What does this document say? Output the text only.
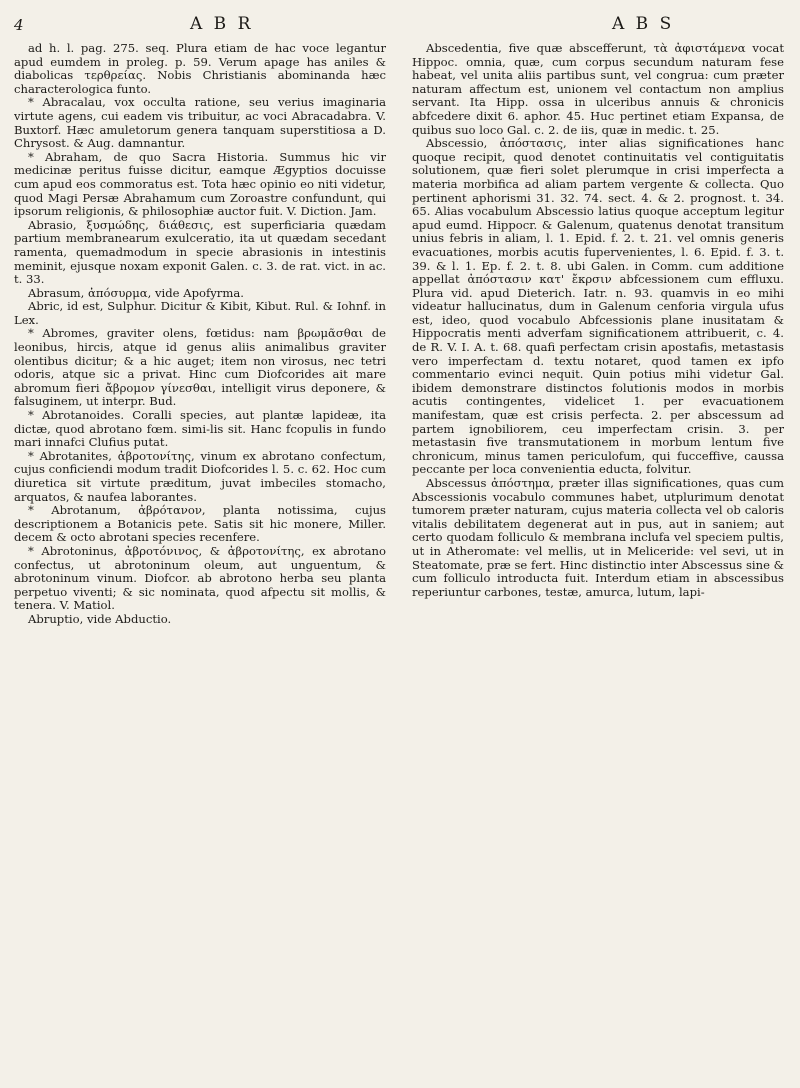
4	A B R	A B S

ad h. l. pag. 275. seq. Plura etiam de hac voce legantur apud eumdem in proleg. p. 59. Verum apage has aniles & diabolicas τερθρείας. Nobis Christianis abominanda hæc characterologica funto.

* Abracalau, vox occulta ratione, seu verius imaginaria virtute agens, cui eadem vis tribuitur, ac voci Abracadabra. V. Buxtorf. Hæc amuletorum genera tanquam superstitiosa a D. Chrysost. & Aug. damnantur.

* Abraham, de quo Sacra Historia. Summus hic vir medicinæ peritus fuisse dicitur, eamque Ægyptios docuisse cum apud eos commoratus est. Tota hæc opinio eo niti videtur, quod Magi Persæ Abrahamum cum Zoroastre confundunt, qui ipsorum religionis, & philosophiæ auctor fuit. V. Diction. Jam.

Abrasio, ξυσμώδης, διάθεσις, est superficiaria quædam partium membranearum exulceratio, ita ut quædam secedant ramenta, quemadmodum in specie abrasionis in intestinis meminit, ejusque noxam exponit Galen. c. 3. de rat. vict. in ac. t. 33.

Abrasum, ἀπόσυρμα, vide Apofyrma.

Abric, id est, Sulphur. Dicitur & Kibit, Kibut. Rul. & Iohnf. in Lex.

* Abromes, graviter olens, fœtidus: nam βρωμᾶσθαι de leonibus, hircis, atque id genus aliis animalibus graviter olentibus dicitur; & a hic auget; item non virosus, nec tetri odoris, atque sic a privat. Hinc cum Diofcorides ait mare abromum fieri ἄβρομον γίνεσθαι, intelligit virus deponere, & falsuginem, ut interpr. Bud.

* Abrotanoides. Coralli species, aut plantæ lapideæ, ita dictæ, quod abrotano fœm. simi-lis sit. Hanc fcopulis in fundo mari innafci Clufius putat.

* Abrotanites, ἀβροτονίτης, vinum ex abrotano confectum, cujus conficiendi modum tradit Diofcorides l. 5. c. 62. Hoc cum diuretica sit virtute præditum, juvat imbeciles stomacho, arquatos, & naufea laborantes.

* Abrotanum, ἀβρότανον, planta notissima, cujus descriptionem a Botanicis pete. Satis sit hic monere, Miller. decem & octo abrotani species recenfere.

* Abrotoninus, ἀβροτόνινος, & ἀβροτονίτης, ex abrotano confectus, ut abrotoninum oleum, aut unguentum, & abrotoninum vinum. Diofcor. ab abrotono herba seu planta perpetuo viventi; & sic nominata, quod afpectu sit mollis, & tenera. V. Matiol.

Abruptio, vide Abductio.

Abscedentia, five quæ abscefferunt, τὰ ἀφιστάμενα vocat Hippoc. omnia, quæ, cum corpus secundum naturam fese habeat, vel unita aliis partibus sunt, vel congrua: cum præter naturam affectum est, unionem vel contactum non amplius servant. Ita Hipp. ossa in ulceribus annuis & chronicis abfcedere dixit 6. aphor. 45. Huc pertinet etiam Expansa, de quibus suo loco Gal. c. 2. de iis, quæ in medic. t. 25.

Abscessio, ἀπόστασις, inter alias significationes hanc quoque recipit, quod denotet continuitatis vel contiguitatis solutionem, quæ fieri solet plerumque in crisi imperfecta a materia morbifica ad aliam partem vergente & collecta. Quo pertinent aphorismi 31. 32. 74. sect. 4. & 2. prognost. t. 34. 65. Alias vocabulum Abscessio latius quoque acceptum legitur apud eumd. Hippocr. & Galenum, quatenus denotat transitum unius febris in aliam, l. 1. Epid. f. 2. t. 21. vel omnis generis evacuationes, morbis acutis fupervenientes, l. 6. Epid. f. 3. t. 39. & l. 1. Ep. f. 2. t. 8. ubi Galen. in Comm. cum additione appellat ἀπόστασιν κατ' ἔκρσιν abfcessionem cum effluxu. Plura vid. apud Dieterich. Iatr. n. 93. quamvis in eo mihi videatur hallucinatus, dum in Galenum cenforia virgula ufus est, ideo, quod vocabulo Abfcessionis plane inusitatam & Hippocratis menti adverfam significationem attribuerit, c. 4. de R. V. I. A. t. 68. quafi perfectam crisin apostafis, metastasis vero imperfectam d. textu notaret, quod tamen ex ipfo commentario evinci nequit. Quin potius mihi videtur Gal. ibidem demonstrare distinctos folutionis modos in morbis acutis contingentes, videlicet 1. per evacuationem manifestam, quæ est crisis perfecta. 2. per abscessum ad partem ignobiliorem, ceu imperfectam crisin. 3. per metastasin five transmutationem in morbum lentum five chronicum, minus tamen periculofum, qui fucceffive, caussa peccante per loca convenientia educta, folvitur.

Abscessus ἀπόστημα, præter illas significationes, quas cum Abscessionis vocabulo communes habet, utplurimum denotat tumorem præter naturam, cujus materia collecta vel ob caloris vitalis debilitatem degenerat aut in pus, aut in saniem; aut certo quodam folliculo & membrana inclufa vel speciem pultis, ut in Atheromate: vel mellis, ut in Meliceride: vel sevi, ut in Steatomate, præ se fert. Hinc distinctio inter Abscessus sine & cum folliculo introducta fuit. Interdum etiam in abscessibus reperiuntur carbones, testæ, amurca, lutum, lapi-
